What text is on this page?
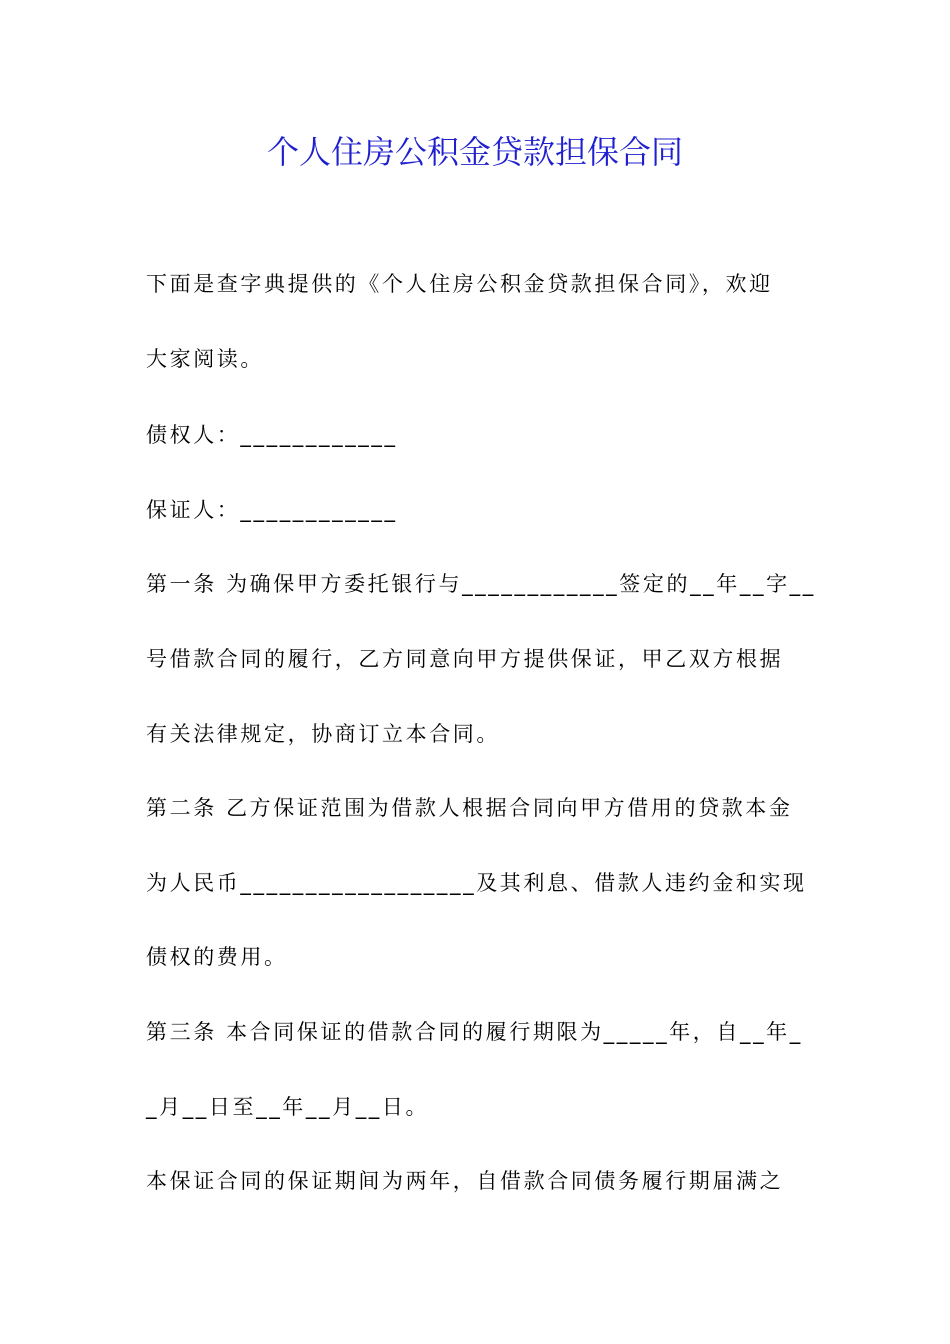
个人住房公积金贷款担保合同
下面是查字典提供的《个人住房公积金贷款担保合同》，欢迎
大家阅读。
债权人：____________
保证人：____________
第一条 为确保甲方委托银行与____________签定的__年__字__
号借款合同的履行，乙方同意向甲方提供保证，甲乙双方根据
有关法律规定，协商订立本合同。
第二条 乙方保证范围为借款人根据合同向甲方借用的贷款本金
为人民币__________________及其利息、借款人违约金和实现
债权的费用。
第三条 本合同保证的借款合同的履行期限为_____年，自__年_
_月__日至__年__月__日。
本保证合同的保证期间为两年，自借款合同债务履行期届满之
